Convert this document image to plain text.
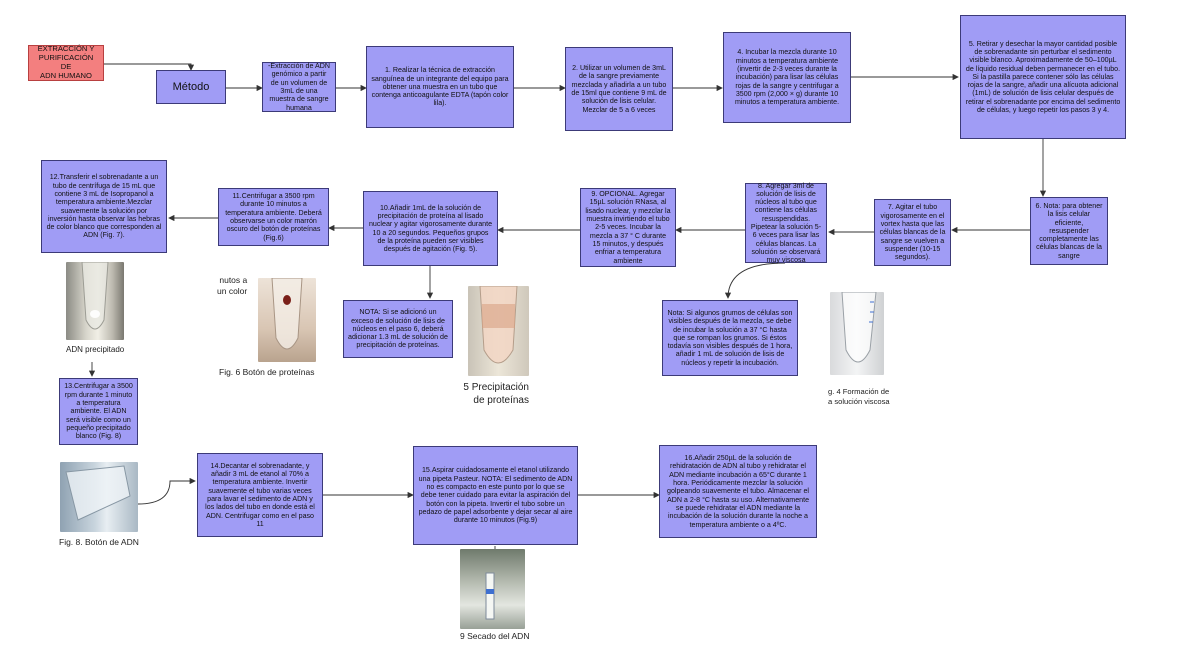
EXTRACCIÓN Y
PURIFICACIÓN DE
ADN HUMANO
Método
-Extracción de ADN genómico a partir de un volumen de 3mL de una muestra de sangre humana
1. Realizar la técnica de extracción sanguínea de un integrante del equipo para obtener una muestra en un tubo que contenga anticoagulante EDTA (tapón color lila).
2. Utilizar un volumen de 3mL de la sangre previamente mezclada y añadirla a un tubo de 15ml que contiene 9 mL de solución de lisis celular. Mezclar de 5 a 6 veces
4. Incubar la mezcla durante 10 minutos a temperatura ambiente (invertir de 2-3 veces durante la incubación) para lisar las células rojas de la sangre y centrifugar a 3500 rpm (2,000 × g) durante 10 minutos a temperatura ambiente.
5. Retirar y desechar la mayor cantidad posible de sobrenadante sin perturbar el sedimento visible blanco. Aproximadamente de 50–100µL de líquido residual deben permanecer en el tubo. Si la pastilla parece contener sólo las células rojas de la sangre, añadir una alícuota adicional (1mL) de solución de lisis celular después de retirar el sobrenadante por encima del sedimento de células, y luego repetir los pasos 3 y 4.
6. Nota: para obtener la lisis celular eficiente, resuspender completamente las células blancas de la sangre
7. Agitar el tubo vigorosamente en el vortex hasta que las células blancas de la sangre se vuelven a suspender (10-15 segundos).
8. Agregar 3ml de solución de lisis de núcleos al tubo que contiene las células resuspendidas. Pipetear la solución 5-6 veces para lisar las células blancas. La solución se observará muy viscosa
9. OPCIONAL. Agregar 15µL solución RNasa, al lisado nuclear, y mezclar la muestra invirtiendo el tubo 2-5 veces. Incubar la mezcla a 37 ° C durante 15 minutos, y después enfriar a temperatura ambiente
10.Añadir 1mL de la solución de precipitación de proteína al lisado nuclear y agitar vigorosamente durante 10 a 20 segundos. Pequeños grupos de la proteína pueden ser visibles después de agitación (Fig. 5).
11.Centrifugar a 3500 rpm durante 10 minutos a temperatura ambiente. Deberá observarse un color marrón oscuro del botón de proteínas (Fig.6)
12.Transferir el sobrenadante a un tubo de centrífuga de 15 mL que contiene 3 mL de Isopropanol a temperatura ambiente.Mezclar suavemente la solución por inversión hasta observar las hebras de color blanco que corresponden al ADN (Fig. 7).
NOTA: Si se adicionó un exceso de solución de lisis de núcleos en el paso 6, deberá adicionar 1.3 mL de solución de precipitación de proteínas.
Nota: Si algunos grumos de células son visibles después de la mezcla, se debe de incubar la solución a 37 °C hasta que se rompan los grumos. Si éstos todavía son visibles después de 1 hora, añadir 1 mL de solución de lisis de núcleos y repetir la incubación.
13.Centrifugar a 3500 rpm durante 1 minuto a temperatura ambiente. El ADN será visible como un pequeño precipitado blanco (Fig. 8)
14.Decantar el sobrenadante, y añadir 3 mL de etanol al 70% a temperatura ambiente. Invertir suavemente el tubo varias veces para lavar el sedimento de ADN y los lados del tubo en donde está el ADN. Centrifugar como en el paso 11
15.Aspirar cuidadosamente el etanol utilizando una pipeta Pasteur. NOTA: El sedimento de ADN no es compacto en este punto por lo que se debe tener cuidado para evitar la aspiración del botón con la pipeta. Invertir el tubo sobre un pedazo de papel adsorbente y dejar secar al aire durante 10 minutos (Fig.9)
16.Añadir 250µL de la solución de rehidratación de ADN al tubo y rehidratar el ADN mediante incubación a 65°C durante 1 hora. Periódicamente mezclar la solución golpeando suavemente el tubo. Almacenar el ADN a 2-8 °C hasta su uso. Alternativamente se puede rehidratar el ADN mediante la incubación de la solución durante la noche a temperatura ambiente o a 4ºC.
ADN precipitado
nutos a
un color
Fig. 6 Botón de proteínas
5 Precipitación
de proteínas
g. 4 Formación de
a solución viscosa
Fig. 8. Botón de ADN
9 Secado del ADN
